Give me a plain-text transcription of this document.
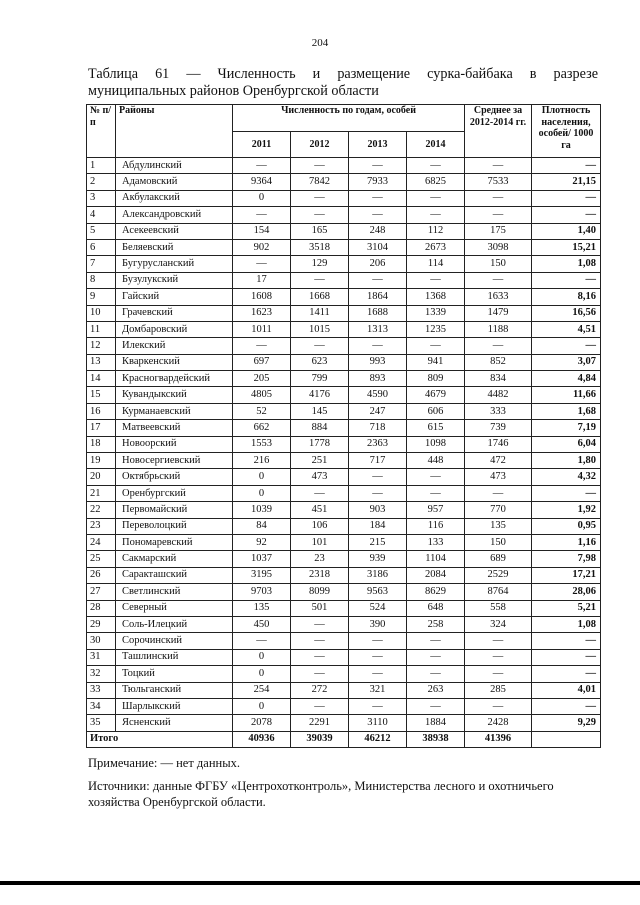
204
Таблица 61 — Численность и размещение сурка-байбака в разрезе
муниципальных районов Оренбургской области
№ п/п	Районы	Численность по годам, особей				Среднее за 2012-2014 гг.	Плотность населения, особей/ 1000 га
		2011	2012	2013	2014		
1	Абдулинский	—	—	—	—	—	—
2	Адамовский	9364	7842	7933	6825	7533	21,15
3	Акбулакский	0	—	—	—	—	—
4	Александровский	—	—	—	—	—	—
5	Асекеевский	154	165	248	112	175	1,40
6	Беляевский	902	3518	3104	2673	3098	15,21
7	Бугурусланский	—	129	206	114	150	1,08
8	Бузулукский	17	—	—	—	—	—
9	Гайский	1608	1668	1864	1368	1633	8,16
10	Грачевский	1623	1411	1688	1339	1479	16,56
11	Домбаровский	1011	1015	1313	1235	1188	4,51
12	Илекский	—	—	—	—	—	—
13	Кваркенский	697	623	993	941	852	3,07
14	Красногвардейский	205	799	893	809	834	4,84
15	Кувандыкский	4805	4176	4590	4679	4482	11,66
16	Курманаевский	52	145	247	606	333	1,68
17	Матвеевский	662	884	718	615	739	7,19
18	Новоорский	1553	1778	2363	1098	1746	6,04
19	Новосергиевский	216	251	717	448	472	1,80
20	Октябрьский	0	473	—	—	473	4,32
21	Оренбургский	0	—	—	—	—	—
22	Первомайский	1039	451	903	957	770	1,92
23	Переволоцкий	84	106	184	116	135	0,95
24	Пономаревский	92	101	215	133	150	1,16
25	Сакмарский	1037	23	939	1104	689	7,98
26	Саракташский	3195	2318	3186	2084	2529	17,21
27	Светлинский	9703	8099	9563	8629	8764	28,06
28	Северный	135	501	524	648	558	5,21
29	Соль-Илецкий	450	—	390	258	324	1,08
30	Сорочинский	—	—	—	—	—	—
31	Ташлинский	0	—	—	—	—	—
32	Тоцкий	0	—	—	—	—	—
33	Тюльганский	254	272	321	263	285	4,01
34	Шарлыкский	0	—	—	—	—	—
35	Ясненский	2078	2291	3110	1884	2428	9,29
Итого		40936	39039	46212	38938	41396	
Примечание: — нет данных.
Источники: данные ФГБУ «Центрохотконтроль», Министерства лесного и охотничьего хозяйства Оренбургской области.
